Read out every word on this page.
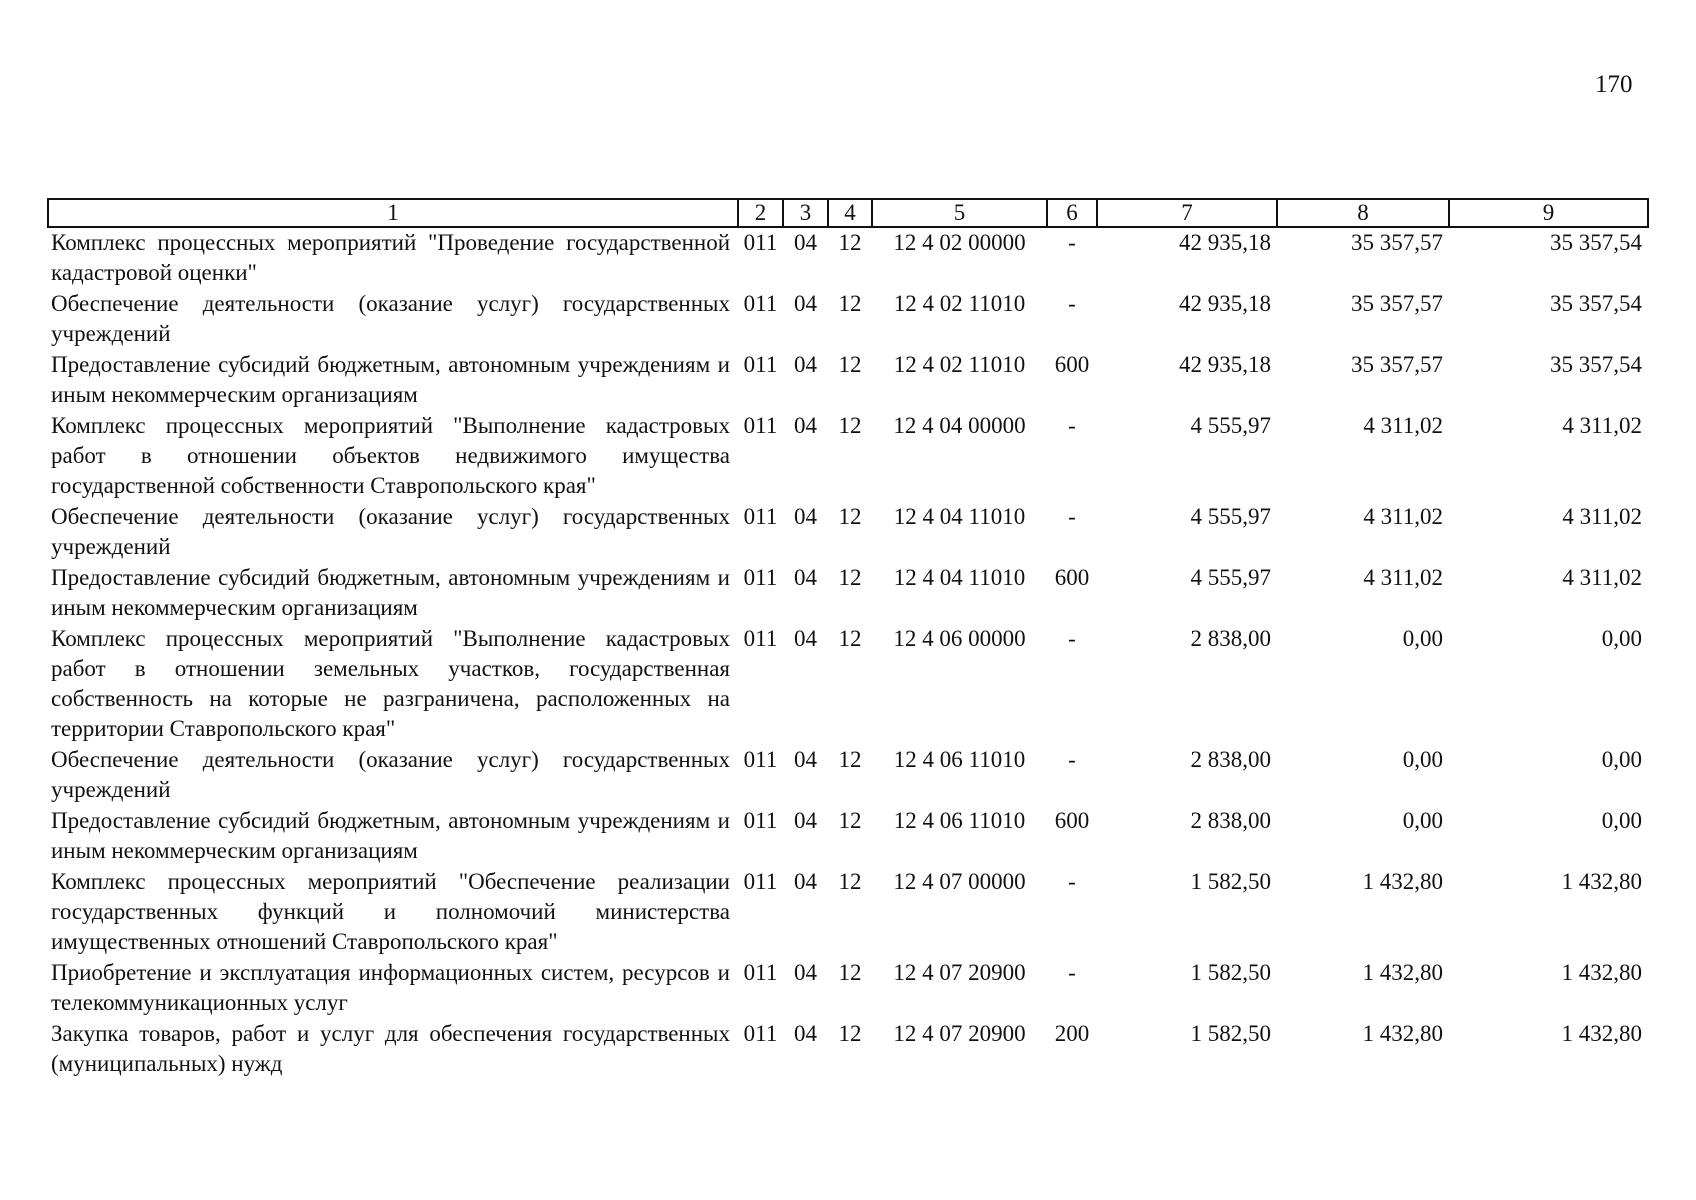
170
1	2	3	4	5	6	7	8	9
Комплекс процессных мероприятий "Проведение государственной кадастровой оценки"	011	04	12	12 4 02 00000	-	42 935,18	35 357,57	35 357,54
Обеспечение деятельности (оказание услуг) государственных учреждений	011	04	12	12 4 02 11010	-	42 935,18	35 357,57	35 357,54
Предоставление субсидий бюджетным, автономным учреждениям и иным некоммерческим организациям	011	04	12	12 4 02 11010	600	42 935,18	35 357,57	35 357,54
Комплекс процессных мероприятий "Выполнение кадастровых работ в отношении объектов недвижимого имущества государственной собственности Ставропольского края"	011	04	12	12 4 04 00000	-	4 555,97	4 311,02	4 311,02
Обеспечение деятельности (оказание услуг) государственных учреждений	011	04	12	12 4 04 11010	-	4 555,97	4 311,02	4 311,02
Предоставление субсидий бюджетным, автономным учреждениям и иным некоммерческим организациям	011	04	12	12 4 04 11010	600	4 555,97	4 311,02	4 311,02
Комплекс процессных мероприятий "Выполнение кадастровых работ в отношении земельных участков, государственная собственность на которые не разграничена, расположенных на территории Ставропольского края"	011	04	12	12 4 06 00000	-	2 838,00	0,00	0,00
Обеспечение деятельности (оказание услуг) государственных учреждений	011	04	12	12 4 06 11010	-	2 838,00	0,00	0,00
Предоставление субсидий бюджетным, автономным учреждениям и иным некоммерческим организациям	011	04	12	12 4 06 11010	600	2 838,00	0,00	0,00
Комплекс процессных мероприятий "Обеспечение реализации государственных функций и полномочий министерства имущественных отношений Ставропольского края"	011	04	12	12 4 07 00000	-	1 582,50	1 432,80	1 432,80
Приобретение и эксплуатация информационных систем, ресурсов и телекоммуникационных услуг	011	04	12	12 4 07 20900	-	1 582,50	1 432,80	1 432,80
Закупка товаров, работ и услуг для обеспечения государственных (муниципальных) нужд	011	04	12	12 4 07 20900	200	1 582,50	1 432,80	1 432,80
